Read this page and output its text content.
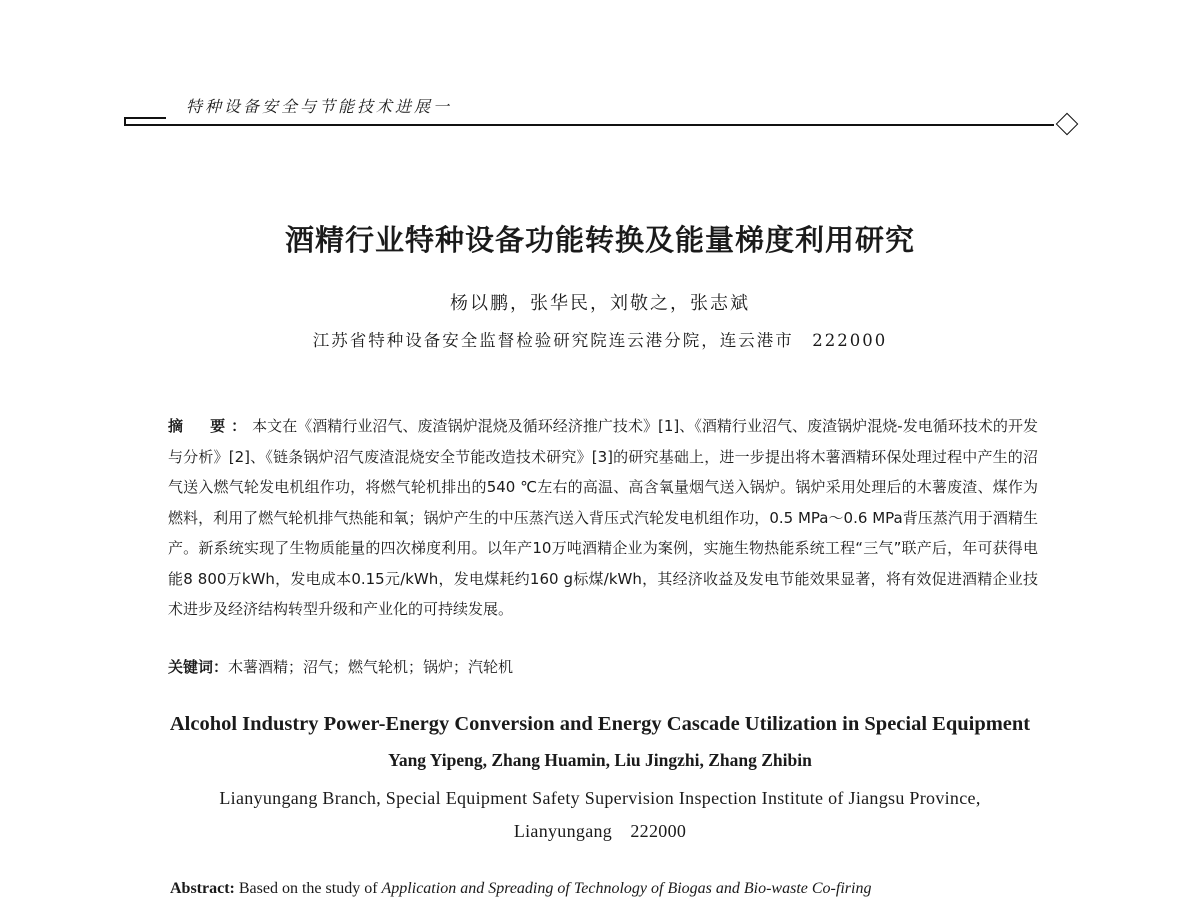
特种设备安全与节能技术进展一
酒精行业特种设备功能转换及能量梯度利用研究
杨以鹏，张华民，刘敬之，张志斌
江苏省特种设备安全监督检验研究院连云港分院，连云港市　222000
摘　要：本文在《酒精行业沼气、废渣锅炉混烧及循环经济推广技术》[1]、《酒精行业沼气、废渣锅炉混烧-发电循环技术的开发与分析》[2]、《链条锅炉沼气废渣混烧安全节能改造技术研究》[3]的研究基础上，进一步提出将木薯酒精环保处理过程中产生的沼气送入燃气轮发电机组作功，将燃气轮机排出的540 ℃左右的高温、高含氧量烟气送入锅炉。锅炉采用处理后的木薯废渣、煤作为燃料，利用了燃气轮机排气热能和氧；锅炉产生的中压蒸汽送入背压式汽轮发电机组作功，0.5 MPa～0.6 MPa背压蒸汽用于酒精生产。新系统实现了生物质能量的四次梯度利用。以年产10万吨酒精企业为案例，实施生物热能系统工程“三气”联产后，年可获得电能8 800万kWh，发电成本0.15元/kWh，发电煤耗约160 g标煤/kWh，其经济收益及发电节能效果显著，将有效促进酒精企业技术进步及经济结构转型升级和产业化的可持续发展。
关键词：木薯酒精；沼气；燃气轮机；锅炉；汽轮机
Alcohol Industry Power-Energy Conversion and Energy Cascade Utilization in Special Equipment
Yang Yipeng, Zhang Huamin, Liu Jingzhi, Zhang Zhibin
Lianyungang Branch, Special Equipment Safety Supervision Inspection Institute of Jiangsu Province,
Lianyungang　222000
Abstract: Based on the study of Application and Spreading of Technology of Biogas and Bio-waste Co-firing
